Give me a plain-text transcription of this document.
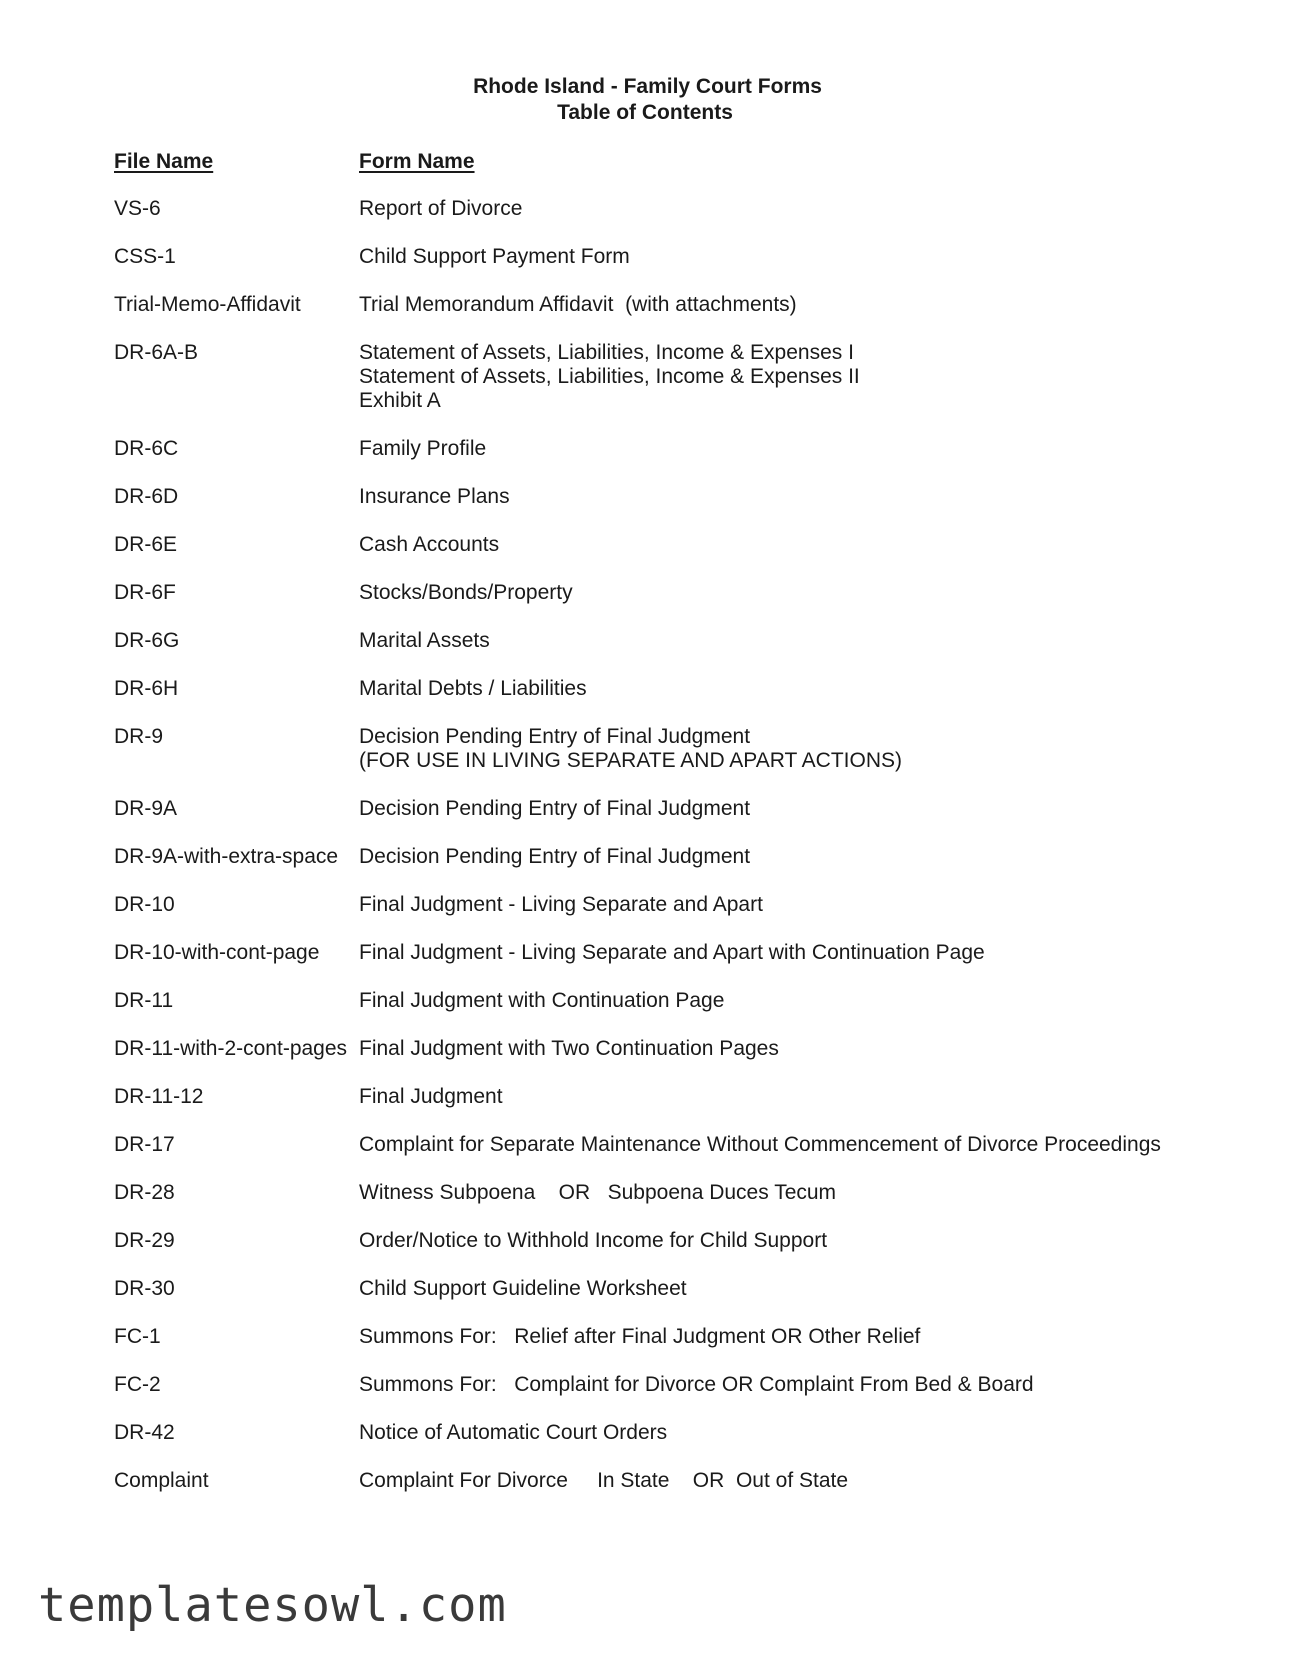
Rhode Island - Family Court Forms
Table of Contents
File Name	Form Name
VS-6	Report of Divorce
CSS-1	Child Support Payment Form
Trial-Memo-Affidavit	Trial Memorandum Affidavit  (with attachments)
DR-6A-B	Statement of Assets, Liabilities, Income & Expenses I
Statement of Assets, Liabilities, Income & Expenses II
Exhibit A
DR-6C	Family Profile
DR-6D	Insurance Plans
DR-6E	Cash Accounts
DR-6F	Stocks/Bonds/Property
DR-6G	Marital Assets
DR-6H	Marital Debts / Liabilities
DR-9	Decision Pending Entry of Final Judgment
(FOR USE IN LIVING SEPARATE AND APART ACTIONS)
DR-9A	Decision Pending Entry of Final Judgment
DR-9A-with-extra-space Decision Pending Entry of Final Judgment
DR-10	Final Judgment - Living Separate and Apart
DR-10-with-cont-page Final Judgment - Living Separate and Apart with Continuation Page
DR-11	Final Judgment with Continuation Page
DR-11-with-2-cont-pages Final Judgment with Two Continuation Pages
DR-11-12	Final Judgment
DR-17	Complaint for Separate Maintenance Without Commencement of Divorce Proceedings
DR-28	Witness Subpoena    OR   Subpoena Duces Tecum
DR-29	Order/Notice to Withhold Income for Child Support
DR-30	Child Support Guideline Worksheet
FC-1	Summons For:   Relief after Final Judgment OR Other Relief
FC-2	Summons For:   Complaint for Divorce OR Complaint From Bed & Board
DR-42	Notice of Automatic Court Orders
Complaint	Complaint For Divorce     In State    OR  Out of State
templatesowl.com
